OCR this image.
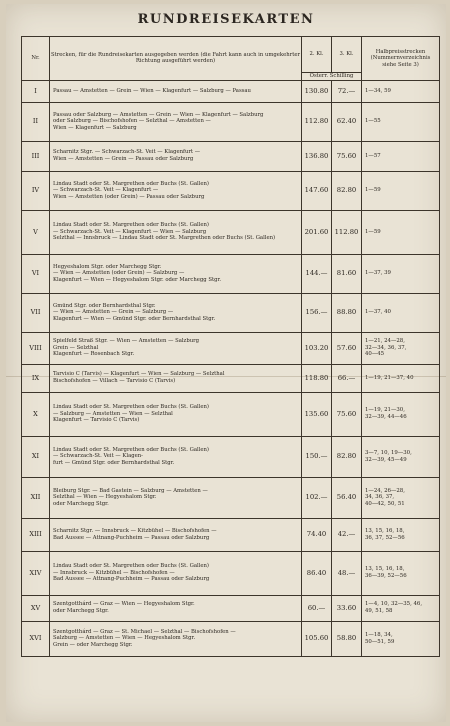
RUNDREISEKARTEN
Nr.	Strecken, für die Rundreisekarten ausgegeben werden (die Fahrt kann auch in umgekehrter Richtung ausgeführt werden)	2. Kl.	3. Kl.	Halbpreisstrecken (Nummernverzeichnis siehe Seite 3)
		Österr. Schilling		
I	Passau — Amstetten — Grein — Wien — Klagenfurt — Salzburg — Passau	130.80	72.—	1—34, 59

II	Passau oder Salzburg — Amstetten — Grein — Wien — Klagenfurt — Salzburg
oder Salzburg — Bischofshofen — Selzthal — Amstetten —
Wien — Klagenfurt — Salzburg	112.80	62.40	1—55

III	Scharnitz Stgr. — Schwarzach-St. Veit — Klagenfurt —
Wien — Amstetten — Grein — Passau oder Salzburg	136.80	75.60	1—57

IV	Lindau Stadt oder St. Margrethen oder Buchs (St. Gallen)
— Schwarzach-St. Veit — Klagenfurt —
Wien — Amstetten (oder Grein) — Passau oder Salzburg	147.60	82.80	1—59

V	Lindau Stadt oder St. Margrethen oder Buchs (St. Gallen)
— Schwarzach-St. Veit — Klagenfurt — Wien — Salzburg
Selzthal — Innsbruck — Lindau Stadt oder St. Margrethen oder Buchs (St. Gallen)	201.60	112.80	1—59

VI	Hegyeshalom Stgr. oder Marchegg Stgr.
— Wien — Amstetten (oder Grein) — Salzburg —
Klagenfurt — Wien — Hegyeshalom Stgr. oder Marchegg Stgr.	144.—	81.60	1—37, 39

VII	Gmünd Stgr. oder Bernhardsthal Stgr.
— Wien — Amstetten — Grein — Salzburg —
Klagenfurt — Wien — Gmünd Stgr. oder Bernhardsthal Stgr.	156.—	88.80	1—37, 40

VIII	Spielfeld Straß Stgr. — Wien — Amstetten — Salzburg
Grein — Selzthal
Klagenfurt — Rosenbach Stgr.	103.20	57.60	1—21, 24—28,
32—34, 36, 37,
40—45

IX	Tarvisio C (Tarvis) — Klagenfurt — Wien — Salzburg — Selzthal
Bischofshofen — Villach — Tarvisio C (Tarvis)	118.80	66.—	1—19, 21—37, 40

X	Lindau Stadt oder St. Margrethen oder Buchs (St. Gallen)
— Salzburg — Amstetten — Wien — Selzthal
Klagenfurt — Tarvisio C (Tarvis)	135.60	75.60	1—19, 21—30,
32—39, 44—46

XI	Lindau Stadt oder St. Margrethen oder Buchs (St. Gallen)
— Schwarzach-St. Veit — Klagen-
furt — Gmünd Stgr. oder Bernhardsthal Stgr.	150.—	82.80	3—7, 10, 19—30,
32—39, 45—49

XII	Bleiburg Stgr. — Bad Gastein — Salzburg — Amstetten —
Selzthal — Wien — Hegyeshalom Stgr.
oder Marchegg Stgr.	102.—	56.40	1—24, 26—28,
34, 36, 37,
40—42, 50, 51

XIII	Scharnitz Stgr. — Innsbruck — Kitzbühel — Bischofshofen —
Bad Aussee — Attnang-Puchheim — Passau oder Salzburg	74.40	42.—	13, 15, 16, 18,
36, 37, 52—56

XIV	Lindau Stadt oder St. Margrethen oder Buchs (St. Gallen)
— Innsbruck — Kitzbühel — Bischofshofen —
Bad Aussee — Attnang-Puchheim — Passau oder Salzburg	86.40	48.—	13, 15, 16, 18,
36—39, 52—56

XV	Szentgotthárd — Graz — Wien — Hegyeshalom Stgr.
oder Marchegg Stgr.	60.—	33.60	1—4, 10, 32—35, 46,
49, 51, 58

XVI	Szentgotthárd — Graz — St. Michael — Selzthal — Bischofshofen —
Salzburg — Amstetten — Wien — Hegyeshalom Stgr.
Grein — oder Marchegg Stgr.	105.60	58.80	1—18, 34,
50—51, 59
